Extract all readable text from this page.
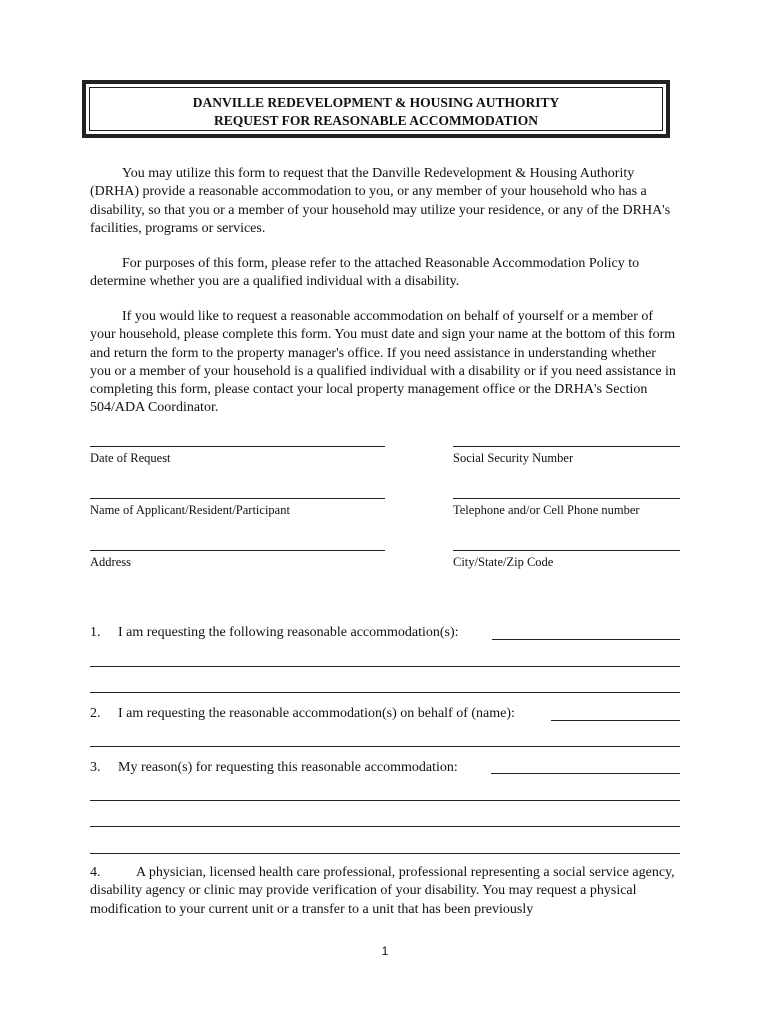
DANVILLE REDEVELOPMENT & HOUSING AUTHORITY
REQUEST FOR REASONABLE ACCOMMODATION

You may utilize this form to request that the Danville Redevelopment & Housing Authority (DRHA) provide a reasonable accommodation to you, or any member of your household who has a disability, so that you or a member of your household may utilize your residence, or any of the DRHA's facilities, programs or services.

For purposes of this form, please refer to the attached Reasonable Accommodation Policy to determine whether you are a qualified individual with a disability.

If you would like to request a reasonable accommodation on behalf of yourself or a member of your household, please complete this form. You must date and sign your name at the bottom of this form and return the form to the property manager's office. If you need assistance in understanding whether you or a member of your household is a qualified individual with a disability or if you need assistance in completing this form, please contact your local property management office or the DRHA's Section 504/ADA Coordinator.

Date of Request	Social Security Number
Name of Applicant/Resident/Participant	Telephone and/or Cell Phone number
Address	City/State/Zip Code
1. I am requesting the following reasonable accommodation(s):
2. I am requesting the reasonable accommodation(s) on behalf of (name):
3. My reason(s) for requesting this reasonable accommodation:

4.	A physician, licensed health care professional, professional representing a social service agency, disability agency or clinic may provide verification of your disability. You may request a physical modification to your current unit or a transfer to a unit that has been previously

1
